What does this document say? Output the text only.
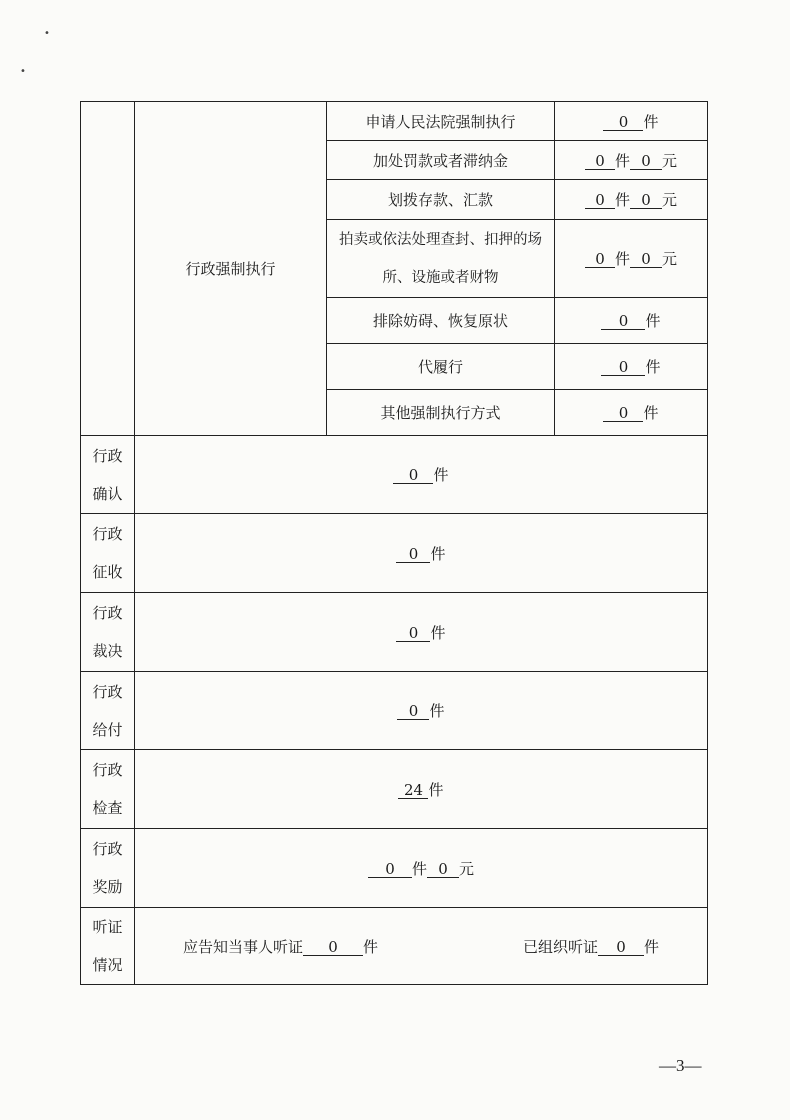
•
•
	行政强制执行	申请人民法院强制执行	0 件
		加处罚款或者滞纳金	0 件 0 元
		划拨存款、汇款	0 件 0 元
		拍卖或依法处理查封、扣押的场
所、设施或者财物	0 件 0 元
		排除妨碍、恢复原状	0 件
		代履行	0 件
		其他强制执行方式	0 件
行政
确认	0 件		
行政
征收	0 件		
行政
裁决	0 件		
行政
给付	0 件		
行政
检查	24 件		
行政
奖励	0 件 0 元		
听证
情况	应告知当事人听证 0 件 已组织听证 0 件		
—3—
